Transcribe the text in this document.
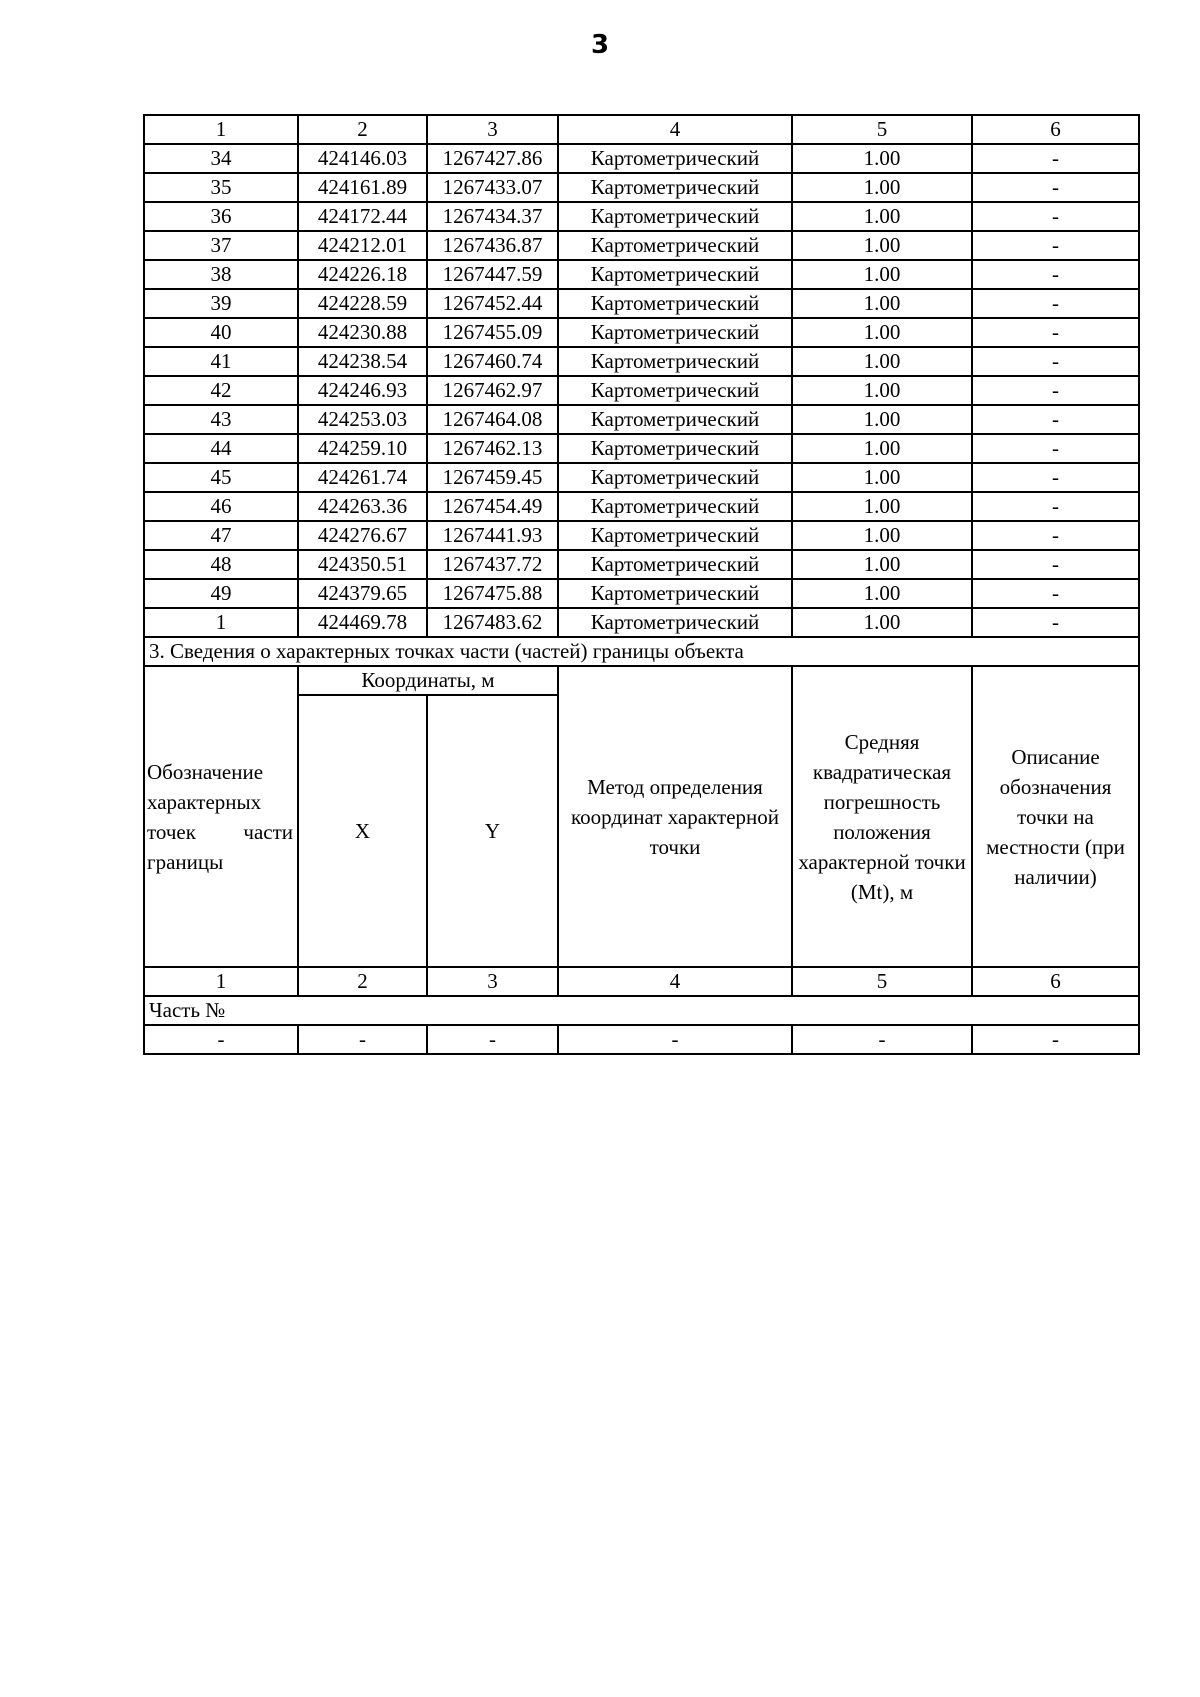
3
1	2	3	4	5	6
34	424146.03	1267427.86	Картометрический	1.00	-
35	424161.89	1267433.07	Картометрический	1.00	-
36	424172.44	1267434.37	Картометрический	1.00	-
37	424212.01	1267436.87	Картометрический	1.00	-
38	424226.18	1267447.59	Картометрический	1.00	-
39	424228.59	1267452.44	Картометрический	1.00	-
40	424230.88	1267455.09	Картометрический	1.00	-
41	424238.54	1267460.74	Картометрический	1.00	-
42	424246.93	1267462.97	Картометрический	1.00	-
43	424253.03	1267464.08	Картометрический	1.00	-
44	424259.10	1267462.13	Картометрический	1.00	-
45	424261.74	1267459.45	Картометрический	1.00	-
46	424263.36	1267454.49	Картометрический	1.00	-
47	424276.67	1267441.93	Картометрический	1.00	-
48	424350.51	1267437.72	Картометрический	1.00	-
49	424379.65	1267475.88	Картометрический	1.00	-
1	424469.78	1267483.62	Картометрический	1.00	-
3. Сведения о характерных точках части (частей) границы объекта					
Обозначение характерных точек части границы	Координаты, м		Метод определения координат характерной точки	Средняя квадратическая погрешность положения характерной точки (Mt), м	Описание обозначения точки на местности (при наличии)
	X	Y			
1	2	3	4	5	6
Часть №					
-	-	-	-	-	-
